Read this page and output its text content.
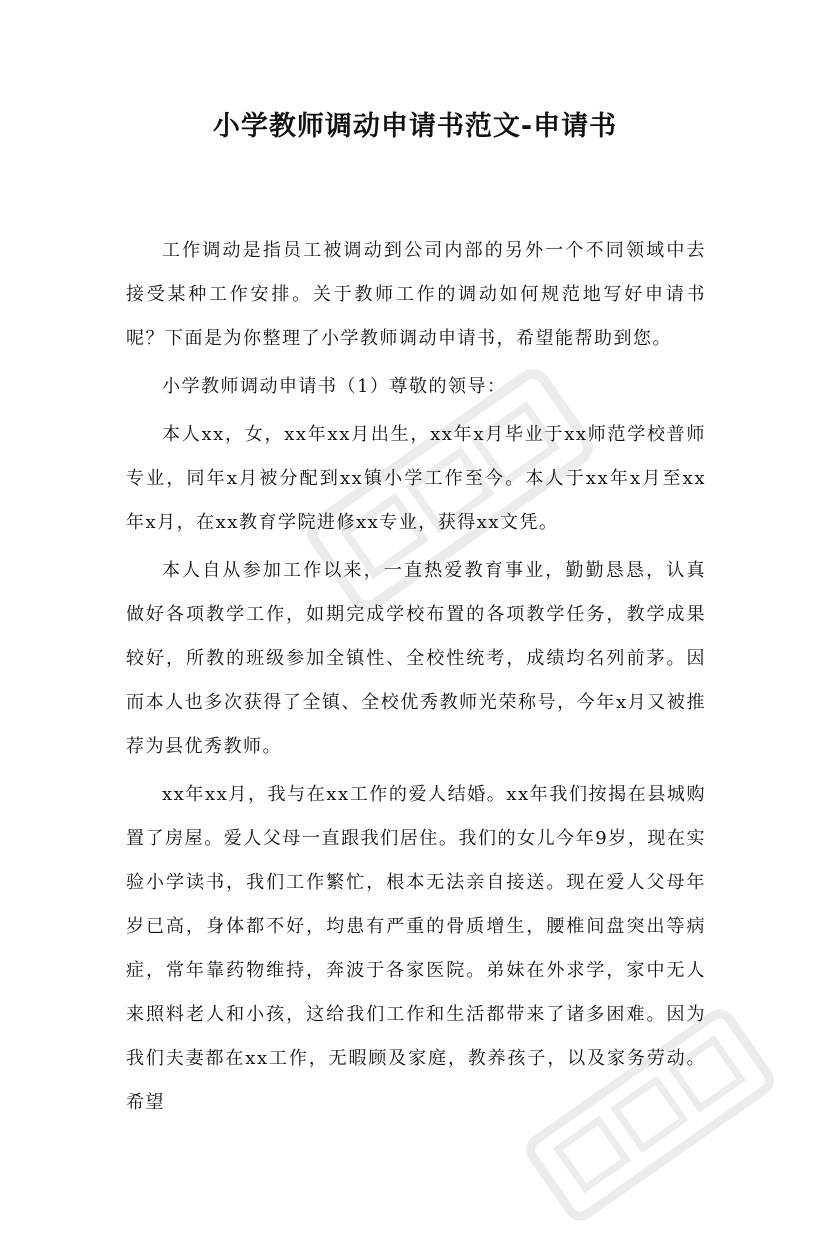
小学教师调动申请书范文-申请书

工作调动是指员工被调动到公司内部的另外一个不同领域中去接受某种工作安排。关于教师工作的调动如何规范地写好申请书呢？下面是为你整理了小学教师调动申请书，希望能帮助到您。

小学教师调动申请书（1）尊敬的领导：

本人xx，女，xx年xx月出生，xx年x月毕业于xx师范学校普师专业，同年x月被分配到xx镇小学工作至今。本人于xx年x月至xx年x月，在xx教育学院进修xx专业，获得xx文凭。

本人自从参加工作以来，一直热爱教育事业，勤勤恳恳，认真做好各项教学工作，如期完成学校布置的各项教学任务，教学成果较好，所教的班级参加全镇性、全校性统考，成绩均名列前茅。因而本人也多次获得了全镇、全校优秀教师光荣称号，今年x月又被推荐为县优秀教师。

xx年xx月，我与在xx工作的爱人结婚。xx年我们按揭在县城购置了房屋。爱人父母一直跟我们居住。我们的女儿今年9岁，现在实验小学读书，我们工作繁忙，根本无法亲自接送。现在爱人父母年岁已高，身体都不好，均患有严重的骨质增生，腰椎间盘突出等病症，常年靠药物维持，奔波于各家医院。弟妹在外求学，家中无人来照料老人和小孩，这给我们工作和生活都带来了诸多困难。因为我们夫妻都在xx工作，无暇顾及家庭，教养孩子，以及家务劳动。希望
